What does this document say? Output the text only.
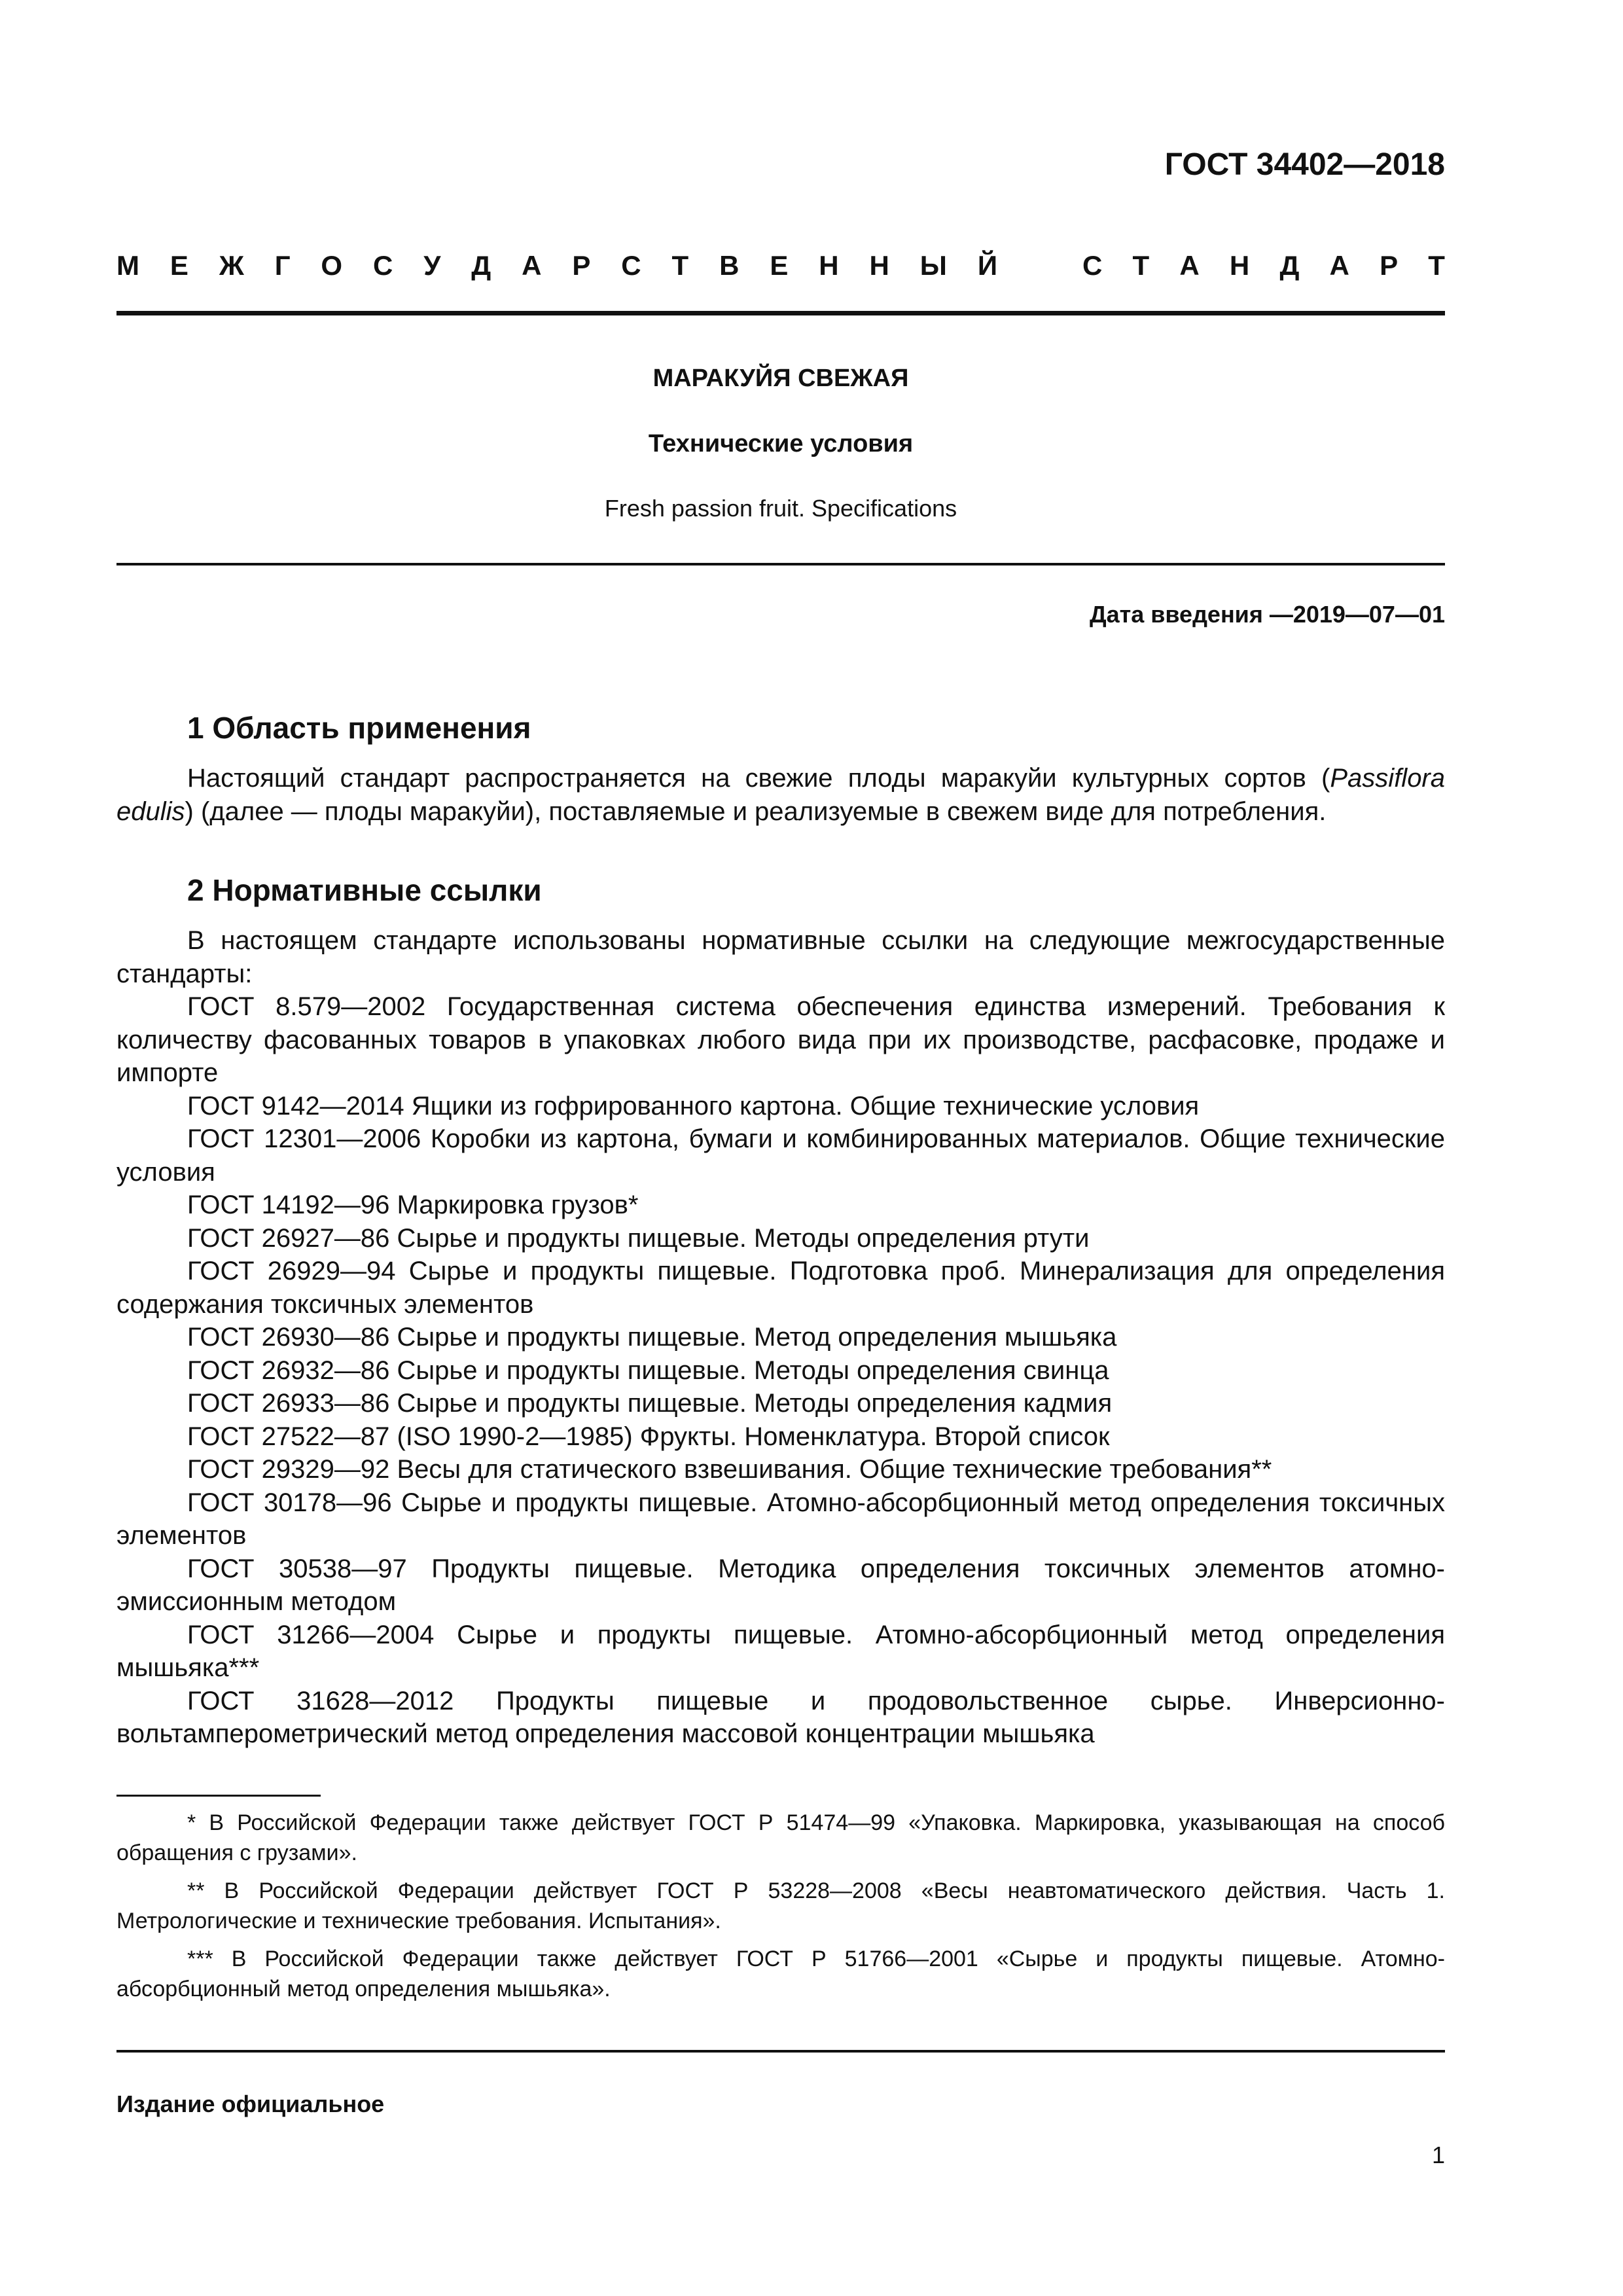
ГОСТ 34402—2018
М Е Ж Г О С У Д А Р С Т В Е Н Н Ы Й	С Т А Н Д А Р Т
МАРАКУЙЯ СВЕЖАЯ
Технические условия
Fresh passion fruit. Specifications
Дата введения —2019—07—01
1 Область применения

Настоящий стандарт распространяется на свежие плоды маракуйи культурных сортов (Passiflora edulis) (далее — плоды маракуйи), поставляемые и реализуемые в свежем виде для потребления.

2 Нормативные ссылки

В настоящем стандарте использованы нормативные ссылки на следующие межгосударственные стандарты:

ГОСТ 8.579—2002 Государственная система обеспечения единства измерений. Требования к количеству фасованных товаров в упаковках любого вида при их производстве, расфасовке, продаже и импорте

ГОСТ 9142—2014 Ящики из гофрированного картона. Общие технические условия

ГОСТ 12301—2006 Коробки из картона, бумаги и комбинированных материалов. Общие технические условия

ГОСТ 14192—96 Маркировка грузов*

ГОСТ 26927—86 Сырье и продукты пищевые. Методы определения ртути

ГОСТ 26929—94 Сырье и продукты пищевые. Подготовка проб. Минерализация для определения содержания токсичных элементов

ГОСТ 26930—86 Сырье и продукты пищевые. Метод определения мышьяка

ГОСТ 26932—86 Сырье и продукты пищевые. Методы определения свинца

ГОСТ 26933—86 Сырье и продукты пищевые. Методы определения кадмия

ГОСТ 27522—87 (ISO 1990-2—1985) Фрукты. Номенклатура. Второй список

ГОСТ 29329—92 Весы для статического взвешивания. Общие технические требования**

ГОСТ 30178—96 Сырье и продукты пищевые. Атомно-абсорбционный метод определения токсичных элементов

ГОСТ 30538—97 Продукты пищевые. Методика определения токсичных элементов атомно-эмиссионным методом

ГОСТ 31266—2004 Сырье и продукты пищевые. Атомно-абсорбционный метод определения мышьяка***

ГОСТ 31628—2012 Продукты пищевые и продовольственное сырье. Инверсионно-вольтамперометрический метод определения массовой концентрации мышьяка

* В Российской Федерации также действует ГОСТ Р 51474—99 «Упаковка. Маркировка, указывающая на способ обращения с грузами».

** В Российской Федерации действует ГОСТ Р 53228—2008 «Весы неавтоматического действия. Часть 1. Метрологические и технические требования. Испытания».

*** В Российской Федерации также действует ГОСТ Р 51766—2001 «Сырье и продукты пищевые. Атомно-абсорбционный метод определения мышьяка».

Издание официальное
1
